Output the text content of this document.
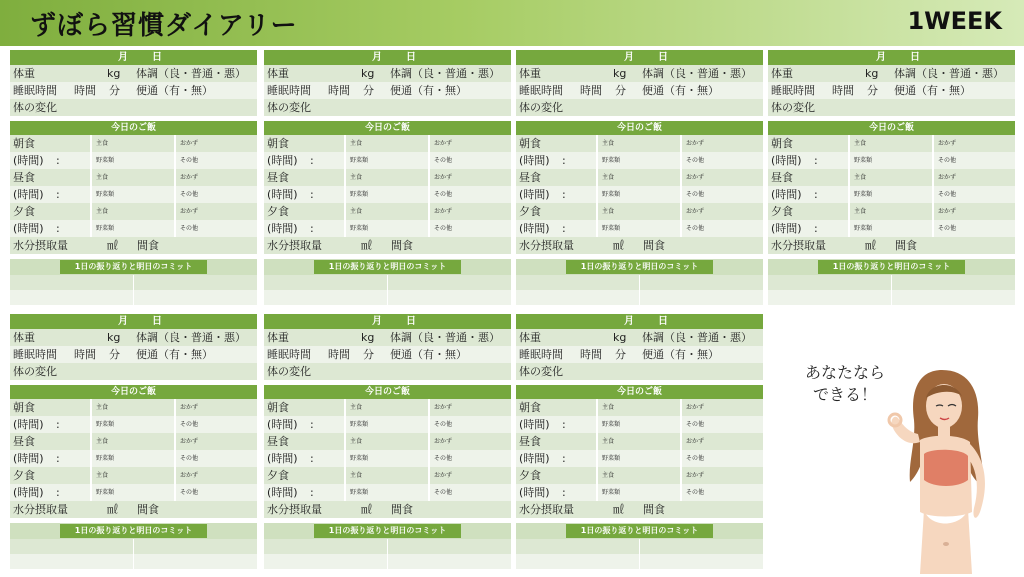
ずぼら習慣ダイアリー	1WEEK
月 日
体重	kg 体調（良・普通・悪）
睡眠時間 時間 分 便通（有・無）
体の変化
今日のご飯
朝食	主食	おかず
(時間) :	野菜類	その他
昼食	主食	おかず
(時間) :	野菜類	その他
夕食	主食	おかず
(時間) :	野菜類	その他
水分摂取量	㎖ 間食
1日の振り返りと明日のコミット
月 日
体重	kg 体調（良・普通・悪）
睡眠時間 時間 分 便通（有・無）
体の変化
今日のご飯
朝食	主食	おかず
(時間) :	野菜類	その他
昼食	主食	おかず
(時間) :	野菜類	その他
夕食	主食	おかず
(時間) :	野菜類	その他
水分摂取量	㎖ 間食
1日の振り返りと明日のコミット
月 日
体重	kg 体調（良・普通・悪）
睡眠時間 時間 分 便通（有・無）
体の変化
今日のご飯
朝食	主食	おかず
(時間) :	野菜類	その他
昼食	主食	おかず
(時間) :	野菜類	その他
夕食	主食	おかず
(時間) :	野菜類	その他
水分摂取量	㎖ 間食
1日の振り返りと明日のコミット
月 日
体重	kg 体調（良・普通・悪）
睡眠時間 時間 分 便通（有・無）
体の変化
今日のご飯
朝食	主食	おかず
(時間) :	野菜類	その他
昼食	主食	おかず
(時間) :	野菜類	その他
夕食	主食	おかず
(時間) :	野菜類	その他
水分摂取量	㎖ 間食
1日の振り返りと明日のコミット
月 日
体重	kg 体調（良・普通・悪）
睡眠時間 時間 分 便通（有・無）
体の変化
今日のご飯
朝食	主食	おかず
(時間) :	野菜類	その他
昼食	主食	おかず
(時間) :	野菜類	その他
夕食	主食	おかず
(時間) :	野菜類	その他
水分摂取量	㎖ 間食
1日の振り返りと明日のコミット
月 日
体重	kg 体調（良・普通・悪）
睡眠時間 時間 分 便通（有・無）
体の変化
今日のご飯
朝食	主食	おかず
(時間) :	野菜類	その他
昼食	主食	おかず
(時間) :	野菜類	その他
夕食	主食	おかず
(時間) :	野菜類	その他
水分摂取量	㎖ 間食
1日の振り返りと明日のコミット
月 日
体重	kg 体調（良・普通・悪）
睡眠時間 時間 分 便通（有・無）
体の変化
今日のご飯
朝食	主食	おかず
(時間) :	野菜類	その他
昼食	主食	おかず
(時間) :	野菜類	その他
夕食	主食	おかず
(時間) :	野菜類	その他
水分摂取量	㎖ 間食
1日の振り返りと明日のコミット
あなたなら
できる！
